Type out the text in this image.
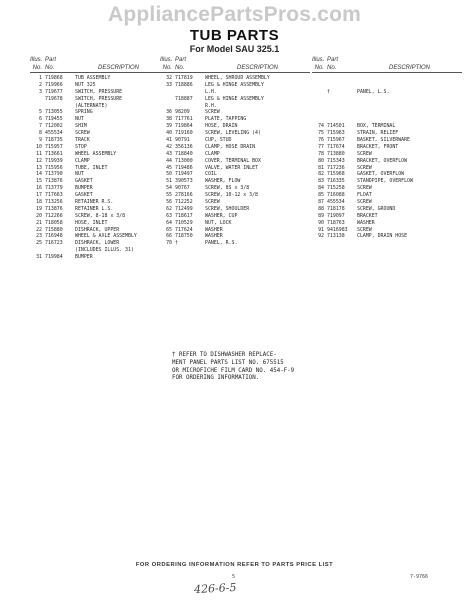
AppliancePartsPros.com
TUB PARTS
For Model SAU 325.1
Illus. Part
No. No.	DESCRIPTION
1 719868	TUB ASSEMBLY
2 719966	NUT 325
3 719677	SWITCH, PRESSURE
719678	SWITCH, PRESSURE
(ALTERNATE)
5 713055	SPRING
6 719455	NUT
7 712002	SHIM
8 455534	SCREW
9 718735	TRACK
10 715957	STOP
11 713661	WHEEL ASSEMBLY
12 719939	CLAMP
13 715956	TUBE, INLET
14 713790	NUT
15 713876	GASKET
16 713779	BUMPER
17 717663	GASKET
18 713256	RETAINER R.S.
19 713876	RETAINER L.S.
20 712266	SCREW, 8-18 x 3/8
21 718058	HOSE, INLET
22 715880	DISHRACK, UPPER
23 716948	WHEEL & AXLE ASSEMBLY
25 716723	DISHRACK, LOWER
(INCLUDES ILLUS. 31)
31 719984	BUMPER
Illus. Part
No. No.	DESCRIPTION
32 717819	WHEEL, SHROUD ASSEMBLY
33 718886	LEG & HINGE ASSEMBLY
L.H.
718887	LEG & HINGE ASSEMBLY
R.H.
36 98209	SCREW
38 717761	PLATE, TAPPING
39 719864	HOSE, DRAIN
40 719160	SCREW, LEVELING (4)
41 90791	CUP, STUD
42 356136	CLAMP, HOSE DRAIN
43 718840	CLAMP
44 713000	COVER, TERMINAL BOX
45 719486	VALVE, WATER INLET
50 719497	COIL
51 390573	WASHER, FLOW
54 90767	SCREW, 8S x 3/8
55 278166	SCREW, 10-12 x 3/8
56 712252	SCREW
62 712499	SCREW, SHOULDER
63 718617	WASHER, CUP
64 710529	NUT, LOCK
65 717624	WASHER
66 718750	WASHER
70 †	PANEL, R.S.
Illus. Part
No. No.	DESCRIPTION
†	PANEL, L.S.
74 714501	BOX, TERMINAL
75 715963	STRAIN, RELIEF
76 715967	BASKET, SILVERWARE
77 717674	BRACKET, FRONT
78 713880	SCREW
80 715343	BRACKET, OVERFLOW
81 717236	SCREW
82 715968	GASKET, OVERFLOW
83 716335	STANDPIPE, OVERFLOW
84 715258	SCREW
85 716088	FLOAT
87 455534	SCREW
88 718178	SCREW, GROUND
89 719097	BRACKET
90 718763	WASHER
91 9416983	SCREW
92 713138	CLAMP, DRAIN HOSE
† REFER TO DISHWASHER REPLACE-
MENT PANEL PARTS LIST NO. 675515
OR MICROFICHE FILM CARD NO. 454-F-9
FOR ORDERING INFORMATION.
FOR ORDERING INFORMATION REFER TO PARTS PRICE LIST
5	7-9766
426-6-5
